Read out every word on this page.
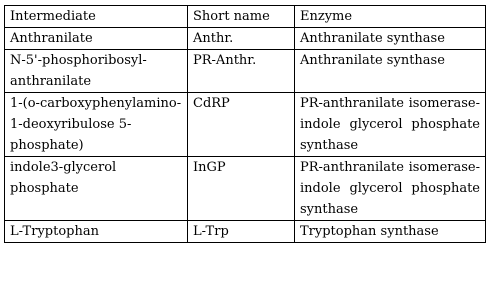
Intermediate	Short name	Enzyme
Anthranilate	Anthr.	Anthranilate synthase
N-5'-phosphoribosyl-anthranilate	PR-Anthr.	Anthranilate synthase
1-(o-carboxyphenylamino-1-deoxyribulose 5-phosphate)	CdRP	PR-anthranilate isomerase-indole glycerol phosphate synthase
indole3-glycerol phosphate	InGP	PR-anthranilate isomerase-indole glycerol phosphate synthase
L-Tryptophan	L-Trp	Tryptophan synthase
